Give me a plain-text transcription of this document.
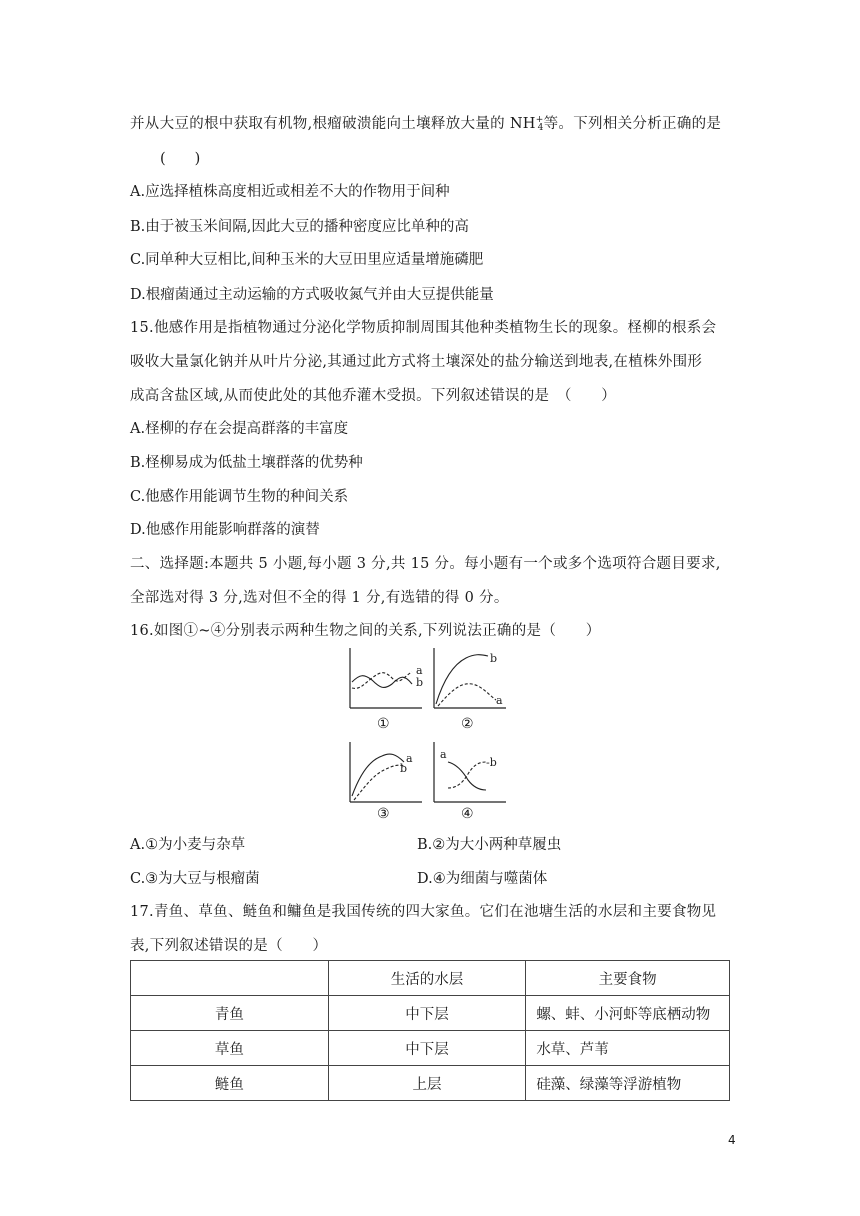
并从大豆的根中获取有机物,根瘤破溃能向土壤释放大量的 $NH^+_4$等。下列相关分析正确的是
(　　)
A.应选择植株高度相近或相差不大的作物用于间种
B.由于被玉米间隔,因此大豆的播种密度应比单种的高
C.同单种大豆相比,间种玉米的大豆田里应适量增施磷肥
D.根瘤菌通过主动运输的方式吸收氮气并由大豆提供能量
15.他感作用是指植物通过分泌化学物质抑制周围其他种类植物生长的现象。柽柳的根系会
吸收大量氯化钠并从叶片分泌,其通过此方式将土壤深处的盐分输送到地表,在植株外围形
成高含盐区域,从而使此处的其他乔灌木受损。下列叙述错误的是　（　　）
A.柽柳的存在会提高群落的丰富度
B.柽柳易成为低盐土壤群落的优势种
C.他感作用能调节生物的种间关系
D.他感作用能影响群落的演替
二、选择题:本题共 5 小题,每小题 3 分,共 15 分。每小题有一个或多个选项符合题目要求,
全部选对得 3 分,选对但不全的得 1 分,有选错的得 0 分。
16.如图①~④分别表示两种生物之间的关系,下列说法正确的是（　　）
a
b
①
b
a
②
a
b
③
a
-b
④
A.①为小麦与杂草	B.②为大小两种草履虫
C.③为大豆与根瘤菌	D.④为细菌与噬菌体
17.青鱼、草鱼、鲢鱼和鳙鱼是我国传统的四大家鱼。它们在池塘生活的水层和主要食物见
表,下列叙述错误的是（　　）
	生活的水层	主要食物
青鱼	中下层	螺、蚌、小河虾等底栖动物
草鱼	中下层	水草、芦苇
鲢鱼	上层	硅藻、绿藻等浮游植物
4
